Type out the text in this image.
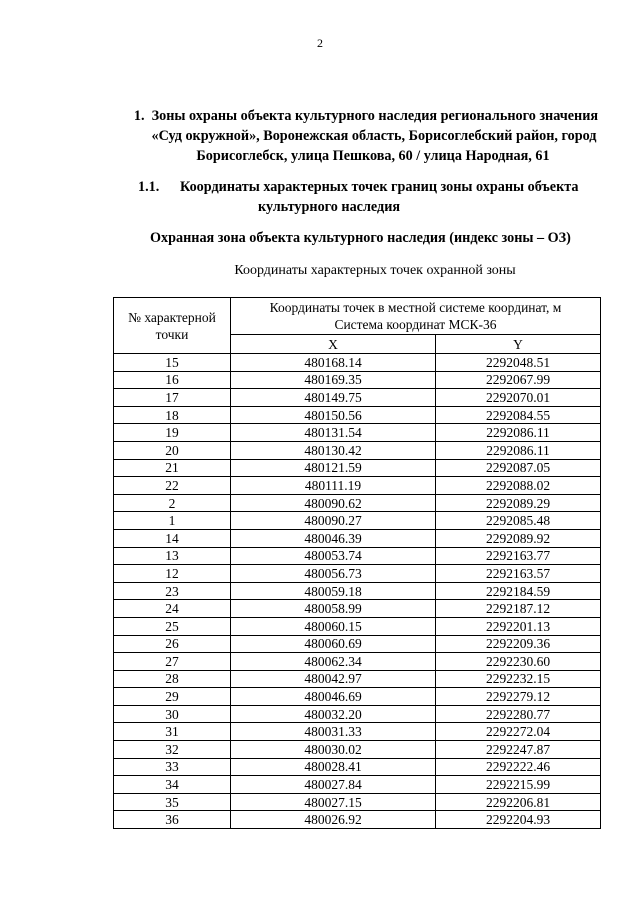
2
1. Зоны охраны объекта культурного наследия регионального значения
«Суд окружной», Воронежская область, Борисоглебский район, город
Борисоглебск, улица Пешкова, 60 / улица Народная, 61
1.1. Координаты характерных точек границ зоны охраны объекта
культурного наследия
Охранная зона объекта культурного наследия (индекс зоны – ОЗ)
Координаты характерных точек охранной зоны
№ характерной точки	Координаты точек в местной системе координат, м
Система координат МСК-36	
	X	Y
15	480168.14	2292048.51
16	480169.35	2292067.99
17	480149.75	2292070.01
18	480150.56	2292084.55
19	480131.54	2292086.11
20	480130.42	2292086.11
21	480121.59	2292087.05
22	480111.19	2292088.02
2	480090.62	2292089.29
1	480090.27	2292085.48
14	480046.39	2292089.92
13	480053.74	2292163.77
12	480056.73	2292163.57
23	480059.18	2292184.59
24	480058.99	2292187.12
25	480060.15	2292201.13
26	480060.69	2292209.36
27	480062.34	2292230.60
28	480042.97	2292232.15
29	480046.69	2292279.12
30	480032.20	2292280.77
31	480031.33	2292272.04
32	480030.02	2292247.87
33	480028.41	2292222.46
34	480027.84	2292215.99
35	480027.15	2292206.81
36	480026.92	2292204.93
